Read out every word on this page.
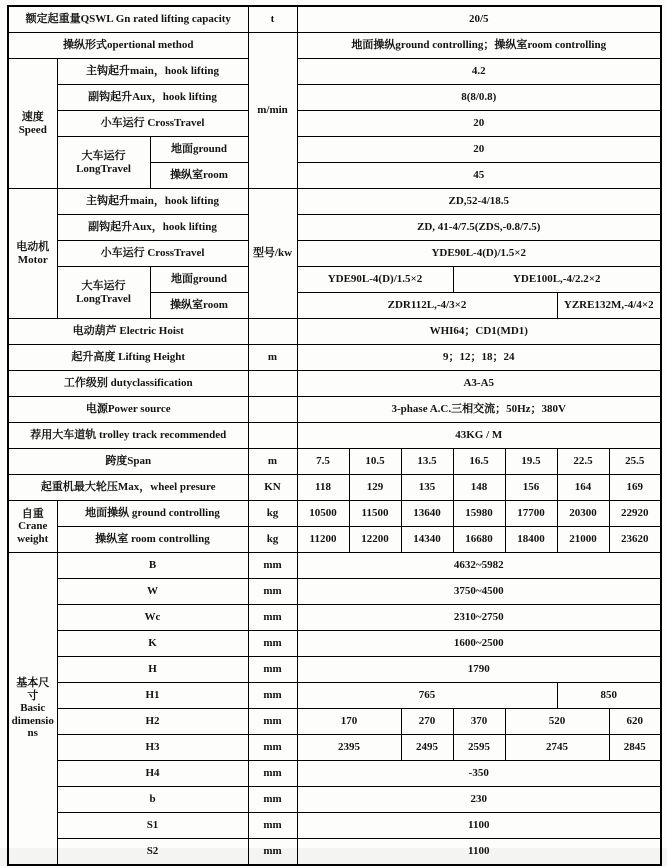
额定起重量QSWL Gn rated lifting capacity			t	20/5						
操纵形式opertional method			m/min	地面操纵ground controlling；操纵室room controlling						

速度
Speed	主钩起升main，hook lifting			4.2						
	副钩起升Aux，hook lifting			8(8/0.8)						
	小车运行 CrossTravel			20						

	大车运行
LongTravel	地面ground		20						
		操纵室room		45						

电动机
Motor	主钩起升main，hook lifting		型号/kw	ZD,52-4/18.5						
	副钩起升Aux，hook lifting			ZD, 41-4/7.5(ZDS,-0.8/7.5)						
	小车运行 CrossTravel			YDE90L-4(D)/1.5×2						

	大车运行
LongTravel	地面ground		YDE90L-4(D)/1.5×2			YDE100L,-4/2.2×2			
		操纵室room		ZDR112L,-4/3×2					YZRE132M,-4/4×2	
电动葫芦 Electric Hoist				WHI64；CD1(MD1)						
起升高度 Lifting Height			m	9；12；18；24						
工作级别 dutyclassification				A3-A5						
电源Power source				3-phase A.C.三相交流；50Hz；380V						
荐用大车道轨 trolley track recommended				43KG / M						
跨度Span			m	7.5	10.5	13.5	16.5	19.5	22.5	25.5
起重机最大轮压Max，wheel presure			KN	118	129	135	148	156	164	169

自重
Crane
weight	地面操纵 ground controlling		kg	10500	11500	13640	15980	17700	20300	22920
	操纵室 room controlling		kg	11200	12200	14340	16680	18400	21000	23620

基本尺寸
Basic
dimensions	B		mm	4632~5982						
	W		mm	3750~4500						
	Wc		mm	2310~2750						
	K		mm	1600~2500						
	H		mm	1790						
	H1		mm	765					850	
	H2		mm	170		270	370	520		620
	H3		mm	2395		2495	2595	2745		2845
	H4		mm	-350						
	b		mm	230						
	S1		mm	1100						
	S2		mm	1100						
